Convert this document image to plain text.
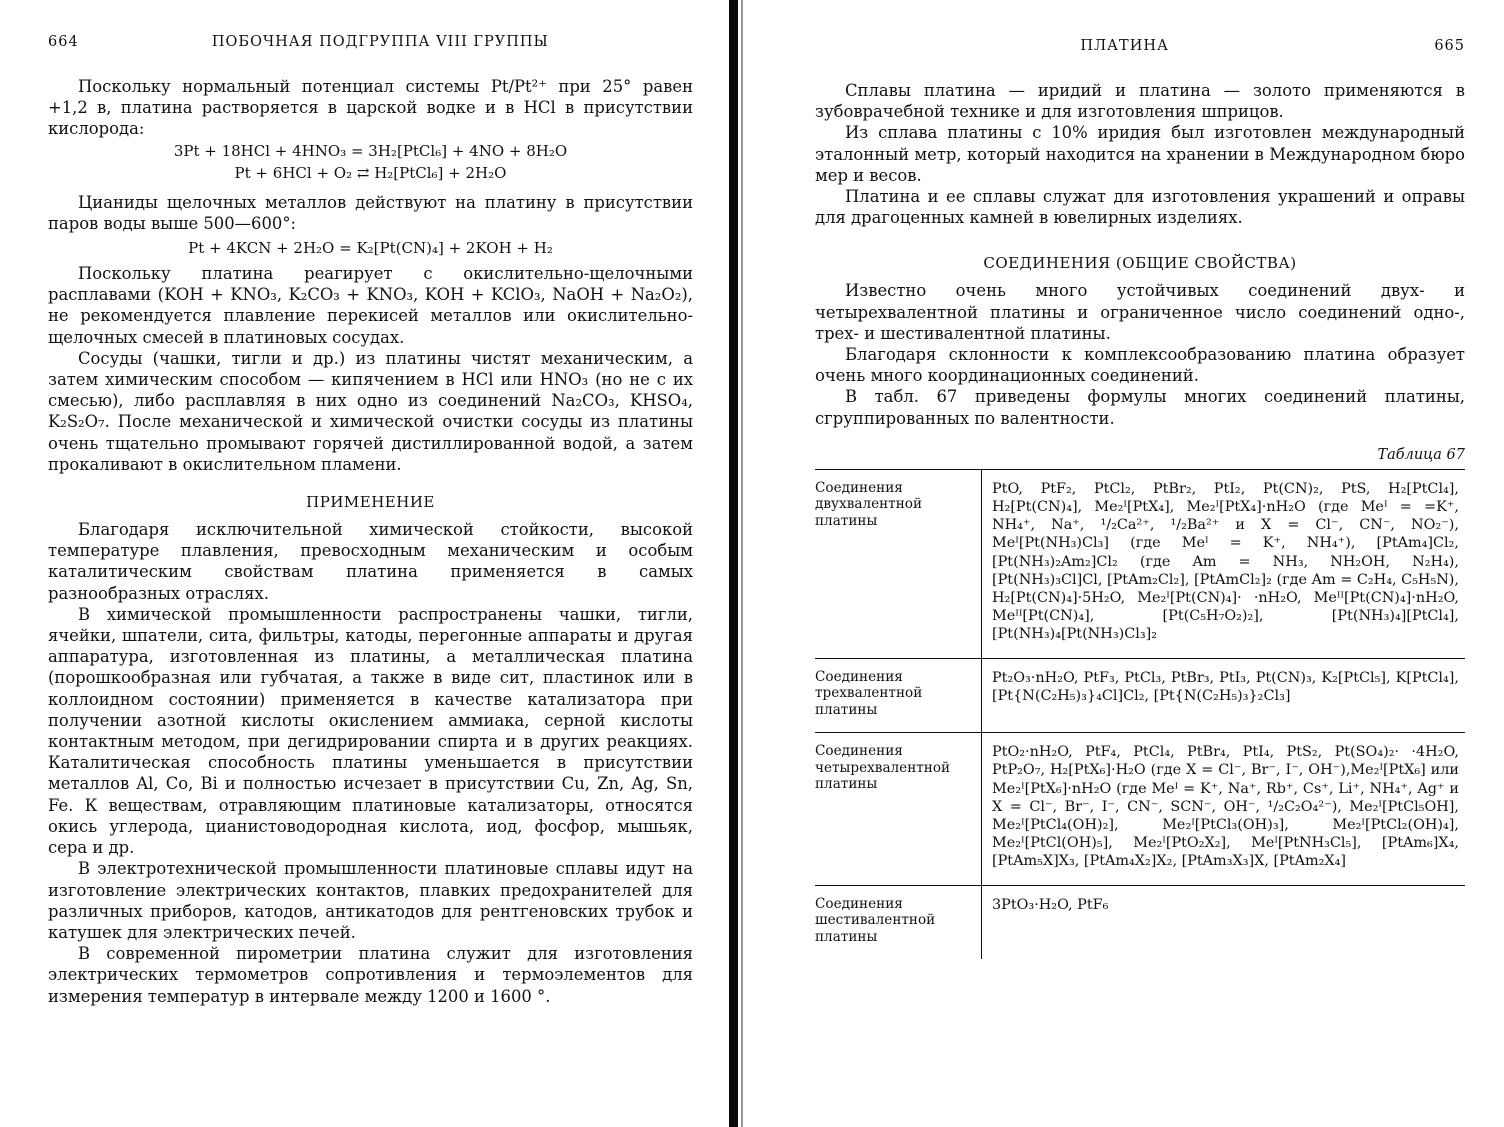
664	ПОБОЧНАЯ ПОДГРУППА VIII ГРУППЫ

Поскольку нормальный потенциал системы Pt/Pt²⁺ при 25° равен +1,2 в, платина растворяется в царской водке и в HCl в присутствии кислорода:

3Pt + 18HCl + 4HNO₃ = 3H₂[PtCl₆] + 4NO + 8H₂O
Pt + 6HCl + O₂ ⇄ H₂[PtCl₆] + 2H₂O

Цианиды щелочных металлов действуют на платину в присутствии паров воды выше 500—600°:

Pt + 4KCN + 2H₂O = K₂[Pt(CN)₄] + 2KOH + H₂

Поскольку платина реагирует с окислительно-щелочными расплавами (KOH + KNO₃, K₂CO₃ + KNO₃, KOH + KClO₃, NaOH + Na₂O₂), не рекомендуется плавление перекисей металлов или окислительно-щелочных смесей в платиновых сосудах.

Сосуды (чашки, тигли и др.) из платины чистят механическим, а затем химическим способом — кипячением в HCl или HNO₃ (но не с их смесью), либо расплавляя в них одно из соединений Na₂CO₃, KHSO₄, K₂S₂O₇. После механической и химической очистки сосуды из платины очень тщательно промывают горячей дистиллированной водой, а затем прокаливают в окислительном пламени.

ПРИМЕНЕНИЕ

Благодаря исключительной химической стойкости, высокой температуре плавления, превосходным механическим и особым каталитическим свойствам платина применяется в самых разнообразных отраслях.

В химической промышленности распространены чашки, тигли, ячейки, шпатели, сита, фильтры, катоды, перегонные аппараты и другая аппаратура, изготовленная из платины, а металлическая платина (порошкообразная или губчатая, а также в виде сит, пластинок или в коллоидном состоянии) применяется в качестве катализатора при получении азотной кислоты окислением аммиака, серной кислоты контактным методом, при дегидрировании спирта и в других реакциях. Каталитическая способность платины уменьшается в присутствии металлов Al, Co, Bi и полностью исчезает в присутствии Cu, Zn, Ag, Sn, Fe. К веществам, отравляющим платиновые катализаторы, относятся окись углерода, цианистоводородная кислота, иод, фосфор, мышьяк, сера и др.

В электротехнической промышленности платиновые сплавы идут на изготовление электрических контактов, плавких предохранителей для различных приборов, катодов, антикатодов для рентгеновских трубок и катушек для электрических печей.

В современной пирометрии платина служит для изготовления электрических термометров сопротивления и термоэлементов для измерения температур в интервале между 1200 и 1600 °.

ПЛАТИНА	665

Сплавы платина — иридий и платина — золото применяются в зубоврачебной технике и для изготовления шприцов.

Из сплава платины с 10% иридия был изготовлен международный эталонный метр, который находится на хранении в Международном бюро мер и весов.

Платина и ее сплавы служат для изготовления украшений и оправы для драгоценных камней в ювелирных изделиях.

СОЕДИНЕНИЯ (ОБЩИЕ СВОЙСТВА)

Известно очень много устойчивых соединений двух- и четырехвалентной платины и ограниченное число соединений одно-, трех- и шестивалентной платины.

Благодаря склонности к комплексообразованию платина образует очень много координационных соединений.

В табл. 67 приведены формулы многих соединений платины, сгруппированных по валентности.

Таблица 67
Соединения двухвалентной платины	PtO, PtF₂, PtCl₂, PtBr₂, PtI₂, Pt(CN)₂, PtS, H₂[PtCl₄], H₂[Pt(CN)₄], Me₂ᴵ[PtX₄], Me₂ᴵ[PtX₄]·nH₂O (где Meᴵ = =K⁺, NH₄⁺, Na⁺, ¹/₂Ca²⁺, ¹/₂Ba²⁺ и X = Cl⁻, CN⁻, NO₂⁻), Meᴵ[Pt(NH₃)Cl₃] (где Meᴵ = K⁺, NH₄⁺), [PtAm₄]Cl₂, [Pt(NH₃)₂Am₂]Cl₂ (где Am = NH₃, NH₂OH, N₂H₄), [Pt(NH₃)₃Cl]Cl, [PtAm₂Cl₂], [PtAmCl₂]₂ (где Am = C₂H₄, C₅H₅N), H₂[Pt(CN)₄]·5H₂O, Me₂ᴵ[Pt(CN)₄]· ·nH₂O, Meᴵᴵ[Pt(CN)₄]·nH₂O, Meᴵᴵ[Pt(CN)₄], [Pt(C₅H₇O₂)₂], [Pt(NH₃)₄][PtCl₄], [Pt(NH₃)₄[Pt(NH₃)Cl₃]₂
Соединения трехвалентной платины	Pt₂O₃·nH₂O, PtF₃, PtCl₃, PtBr₃, PtI₃, Pt(CN)₃, K₂[PtCl₅], K[PtCl₄], [Pt{N(C₂H₅)₃}₄Cl]Cl₂, [Pt{N(C₂H₅)₃}₂Cl₃]
Соединения четырехвалентной платины	PtO₂·nH₂O, PtF₄, PtCl₄, PtBr₄, PtI₄, PtS₂, Pt(SO₄)₂· ·4H₂O, PtP₂O₇, H₂[PtX₆]·H₂O (где X = Cl⁻, Br⁻, I⁻, OH⁻),Me₂ᴵ[PtX₆] или Me₂ᴵ[PtX₆]·nH₂O (где Meᴵ = K⁺, Na⁺, Rb⁺, Cs⁺, Li⁺, NH₄⁺, Ag⁺ и X = Cl⁻, Br⁻, I⁻, CN⁻, SCN⁻, OH⁻, ¹/₂C₂O₄²⁻), Me₂ᴵ[PtCl₅OH], Me₂ᴵ[PtCl₄(OH)₂], Me₂ᴵ[PtCl₃(OH)₃], Me₂ᴵ[PtCl₂(OH)₄], Me₂ᴵ[PtCl(OH)₅], Me₂ᴵ[PtO₂X₂], Meᴵ[PtNH₃Cl₅], [PtAm₆]X₄, [PtAm₅X]X₃, [PtAm₄X₂]X₂, [PtAm₃X₃]X, [PtAm₂X₄]
Соединения шестивалентной платины	3PtO₃·H₂O, PtF₆
